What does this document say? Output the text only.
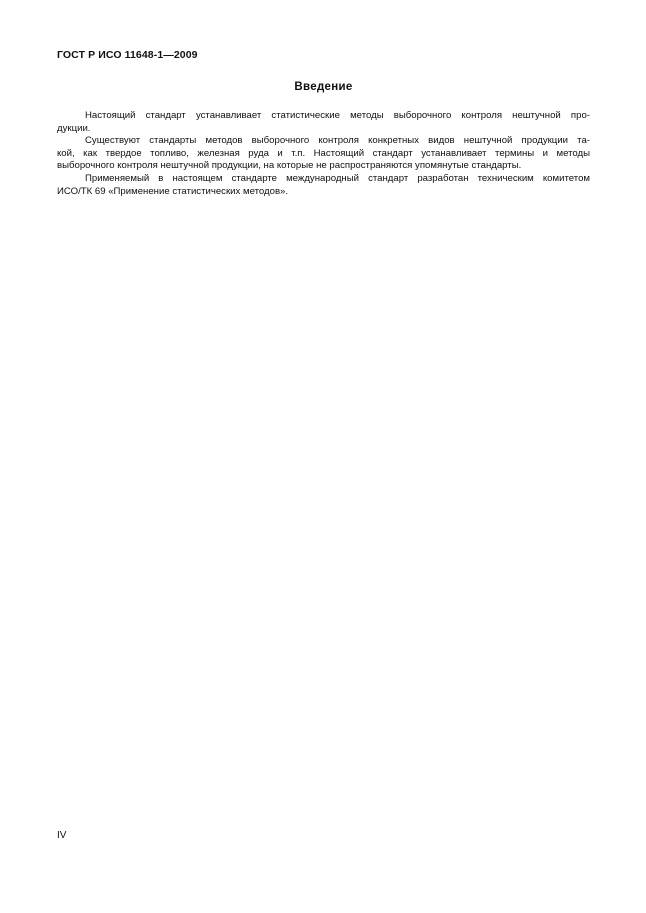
ГОСТ Р ИСО 11648-1—2009
Введение
Настоящий стандарт устанавливает статистические методы выборочного контроля нештучной про-
дукции.
Существуют стандарты методов выборочного контроля конкретных видов нештучной продукции та-
кой, как твердое топливо, железная руда и т.п. Настоящий стандарт устанавливает термины и методы
выборочного контроля нештучной продукции, на которые не распространяются упомянутые стандарты.
Применяемый в настоящем стандарте международный стандарт разработан техническим комитетом
ИСО/ТК 69 «Применение статистических методов».
IV
